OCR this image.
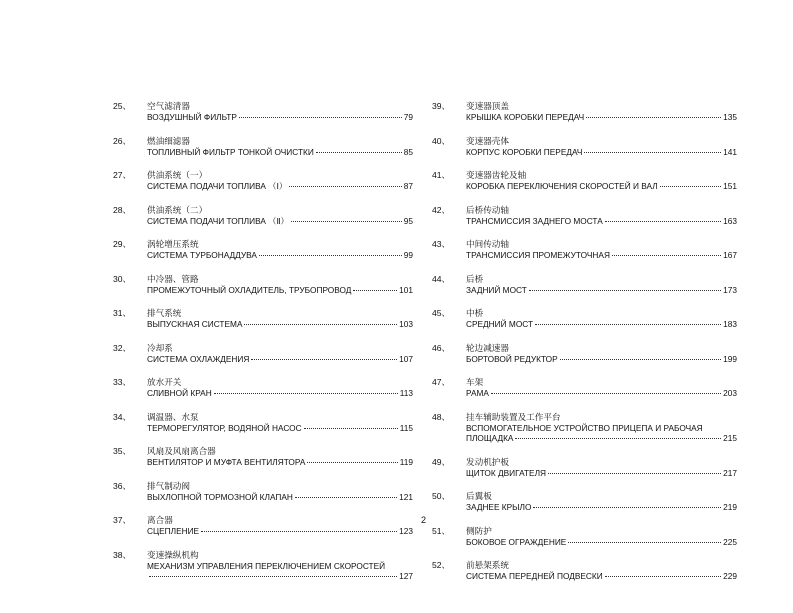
25、 空气滤清器
ВОЗДУШНЫЙ ФИЛЬТР	79
26、 燃油细滤器
ТОПЛИВНЫЙ ФИЛЬТР ТОНКОЙ ОЧИСТКИ	85
27、 供油系统（一）
СИСТЕМА ПОДАЧИ ТОПЛИВА （Ⅰ）	87
28、 供油系统（二）
СИСТЕМА ПОДАЧИ ТОПЛИВА （Ⅱ）	95
29、 涡轮增压系统
СИСТЕМА ТУРБОНАДДУВА	99
30、 中冷器、管路
ПРОМЕЖУТОЧНЫЙ ОХЛАДИТЕЛЬ, ТРУБОПРОВОД	101
31、 排气系统
ВЫПУСКНАЯ СИСТЕМА	103
32、 冷却系
СИСТЕМА ОХЛАЖДЕНИЯ	107
33、 放水开关
СЛИВНОЙ КРАН	113
34、 调温器、水泵
ТЕРМОРЕГУЛЯТОР, ВОДЯНОЙ НАСОС	115
35、 风扇及风扇离合器
ВЕНТИЛЯТОР И МУФТА ВЕНТИЛЯТОРА	119
36、 排气制动阀
ВЫХЛОПНОЙ ТОРМОЗНОЙ КЛАПАН	121
37、 离合器
СЦЕПЛЕНИЕ	123
38、 变速操纵机构
МЕХАНИЗМ УПРАВЛЕНИЯ ПЕРЕКЛЮЧЕНИЕМ СКОРОСТЕЙ
127
39、 变速器顶盖
КРЫШКА КОРОБКИ ПЕРЕДАЧ	135
40、 变速器壳体
КОРПУС КОРОБКИ ПЕРЕДАЧ	141
41、 变速器齿轮及轴
КОРОБКА ПЕРЕКЛЮЧЕНИЯ СКОРОСТЕЙ И ВАЛ	151
42、 后桥传动轴
ТРАНСМИССИЯ ЗАДНЕГО МОСТА	163
43、 中间传动轴
ТРАНСМИССИЯ ПРОМЕЖУТОЧНАЯ	167
44、 后桥
ЗАДНИЙ МОСТ	173
45、 中桥
СРЕДНИЙ МОСТ	183
46、 轮边减速器
БОРТОВОЙ РЕДУКТОР	199
47、 车架
РАМА	203
48、 挂车辅助装置及工作平台
ВСПОМОГАТЕЛЬНОЕ УСТРОЙСТВО ПРИЦЕПА И РАБОЧАЯ
ПЛОЩАДКА	215
49、 发动机护板
ЩИТОК ДВИГАТЕЛЯ	217
50、 后翼板
ЗАДНЕЕ КРЫЛО	219
51、 侧防护
БОКОВОЕ ОГРАЖДЕНИЕ	225
52、 前悬架系统
СИСТЕМА ПЕРЕДНЕЙ ПОДВЕСКИ	229
2
